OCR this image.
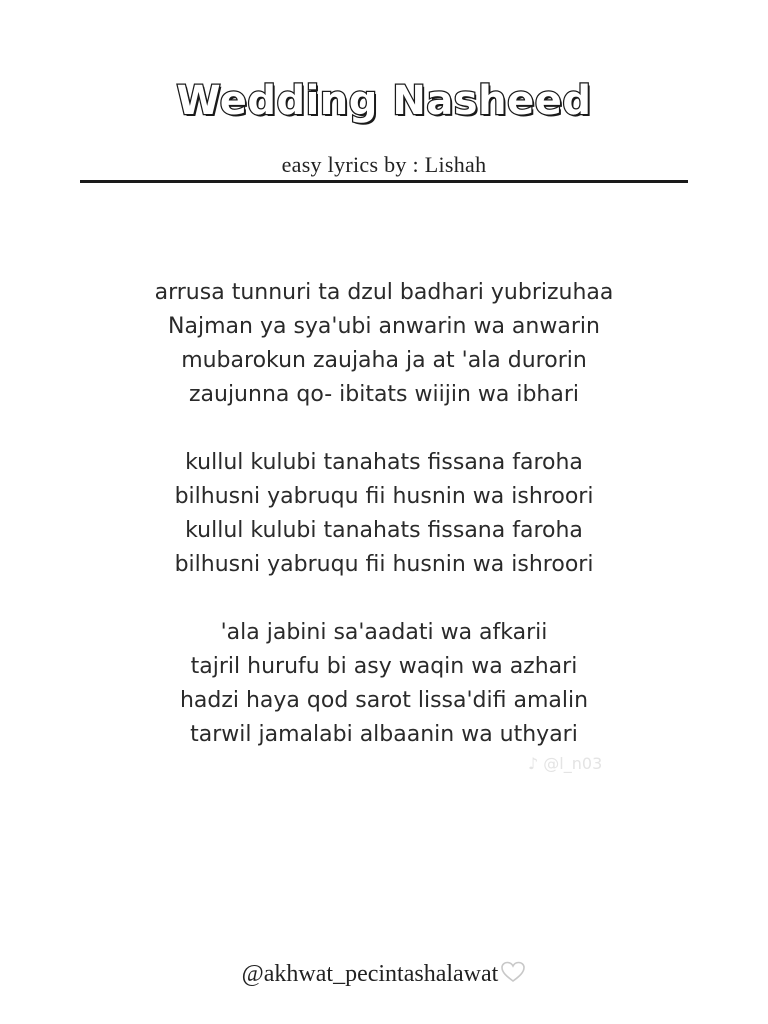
Wedding Nasheed
easy lyrics by : Lishah
arrusa tunnuri ta dzul badhari yubrizuhaa
Najman ya sya'ubi anwarin wa anwarin
mubarokun zaujaha ja at 'ala durorin
zaujunna qo- ibitats wiijin wa ibhari
kullul kulubi tanahats fissana faroha
bilhusni yabruqu fii husnin wa ishroori
kullul kulubi tanahats fissana faroha
bilhusni yabruqu fii husnin wa ishroori
'ala jabini sa'aadati wa afkarii
tajril hurufu bi asy waqin wa azhari
hadzi haya qod sarot lissa'difi amalin
tarwil jamalabi albaanin wa uthyari
♪ @l_n03
@akhwat_pecintashalawat
